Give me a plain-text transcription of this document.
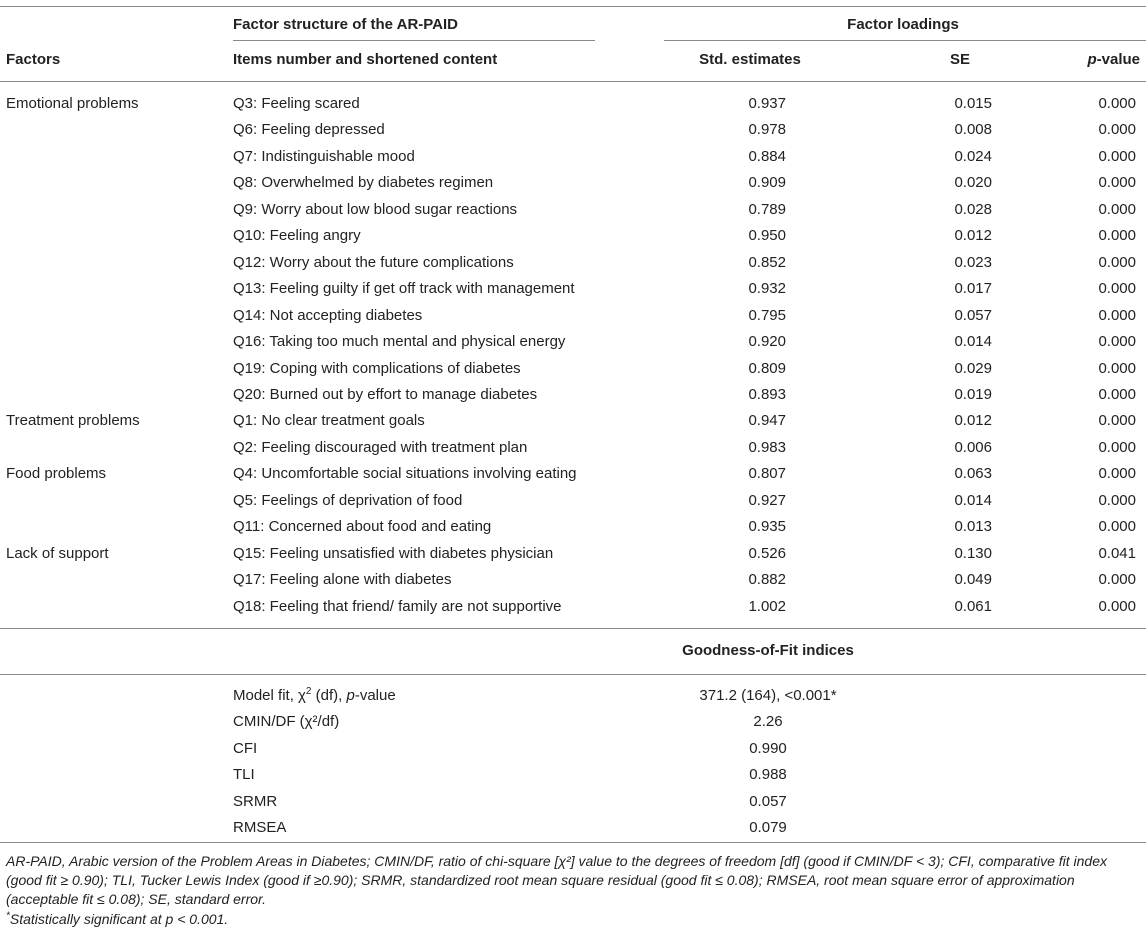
Factor structure of the AR-PAID	Factor loadings
Factors	Items number and shortened content	Std. estimates	SE	p-value
Emotional problems	Q3: Feeling scared	0.937	0.015	0.000
Q6: Feeling depressed	0.978	0.008	0.000
Q7: Indistinguishable mood	0.884	0.024	0.000
Q8: Overwhelmed by diabetes regimen	0.909	0.020	0.000
Q9: Worry about low blood sugar reactions	0.789	0.028	0.000
Q10: Feeling angry	0.950	0.012	0.000
Q12: Worry about the future complications	0.852	0.023	0.000
Q13: Feeling guilty if get off track with management	0.932	0.017	0.000
Q14: Not accepting diabetes	0.795	0.057	0.000
Q16: Taking too much mental and physical energy	0.920	0.014	0.000
Q19: Coping with complications of diabetes	0.809	0.029	0.000
Q20: Burned out by effort to manage diabetes	0.893	0.019	0.000
Treatment problems	Q1: No clear treatment goals	0.947	0.012	0.000
Q2: Feeling discouraged with treatment plan	0.983	0.006	0.000
Food problems	Q4: Uncomfortable social situations involving eating	0.807	0.063	0.000
Q5: Feelings of deprivation of food	0.927	0.014	0.000
Q11: Concerned about food and eating	0.935	0.013	0.000
Lack of support	Q15: Feeling unsatisfied with diabetes physician	0.526	0.130	0.041
Q17: Feeling alone with diabetes	0.882	0.049	0.000
Q18: Feeling that friend/ family are not supportive	1.002	0.061	0.000
Goodness-of-Fit indices
Model fit, $\chi^2$ (df), p-value	371.2 (164), <0.001*
CMIN/DF (χ²/df)	2.26
CFI	0.990
TLI	0.988
SRMR	0.057
RMSEA	0.079
AR-PAID, Arabic version of the Problem Areas in Diabetes; CMIN/DF, ratio of chi-square [χ²] value to the degrees of freedom [df] (good if CMIN/DF < 3); CFI, comparative fit index (good fit ≥ 0.90); TLI, Tucker Lewis Index (good if ≥0.90); SRMR, standardized root mean square residual (good fit ≤ 0.08); RMSEA, root mean square error of approximation (acceptable fit ≤ 0.08); SE, standard error.
*Statistically significant at p < 0.001.
